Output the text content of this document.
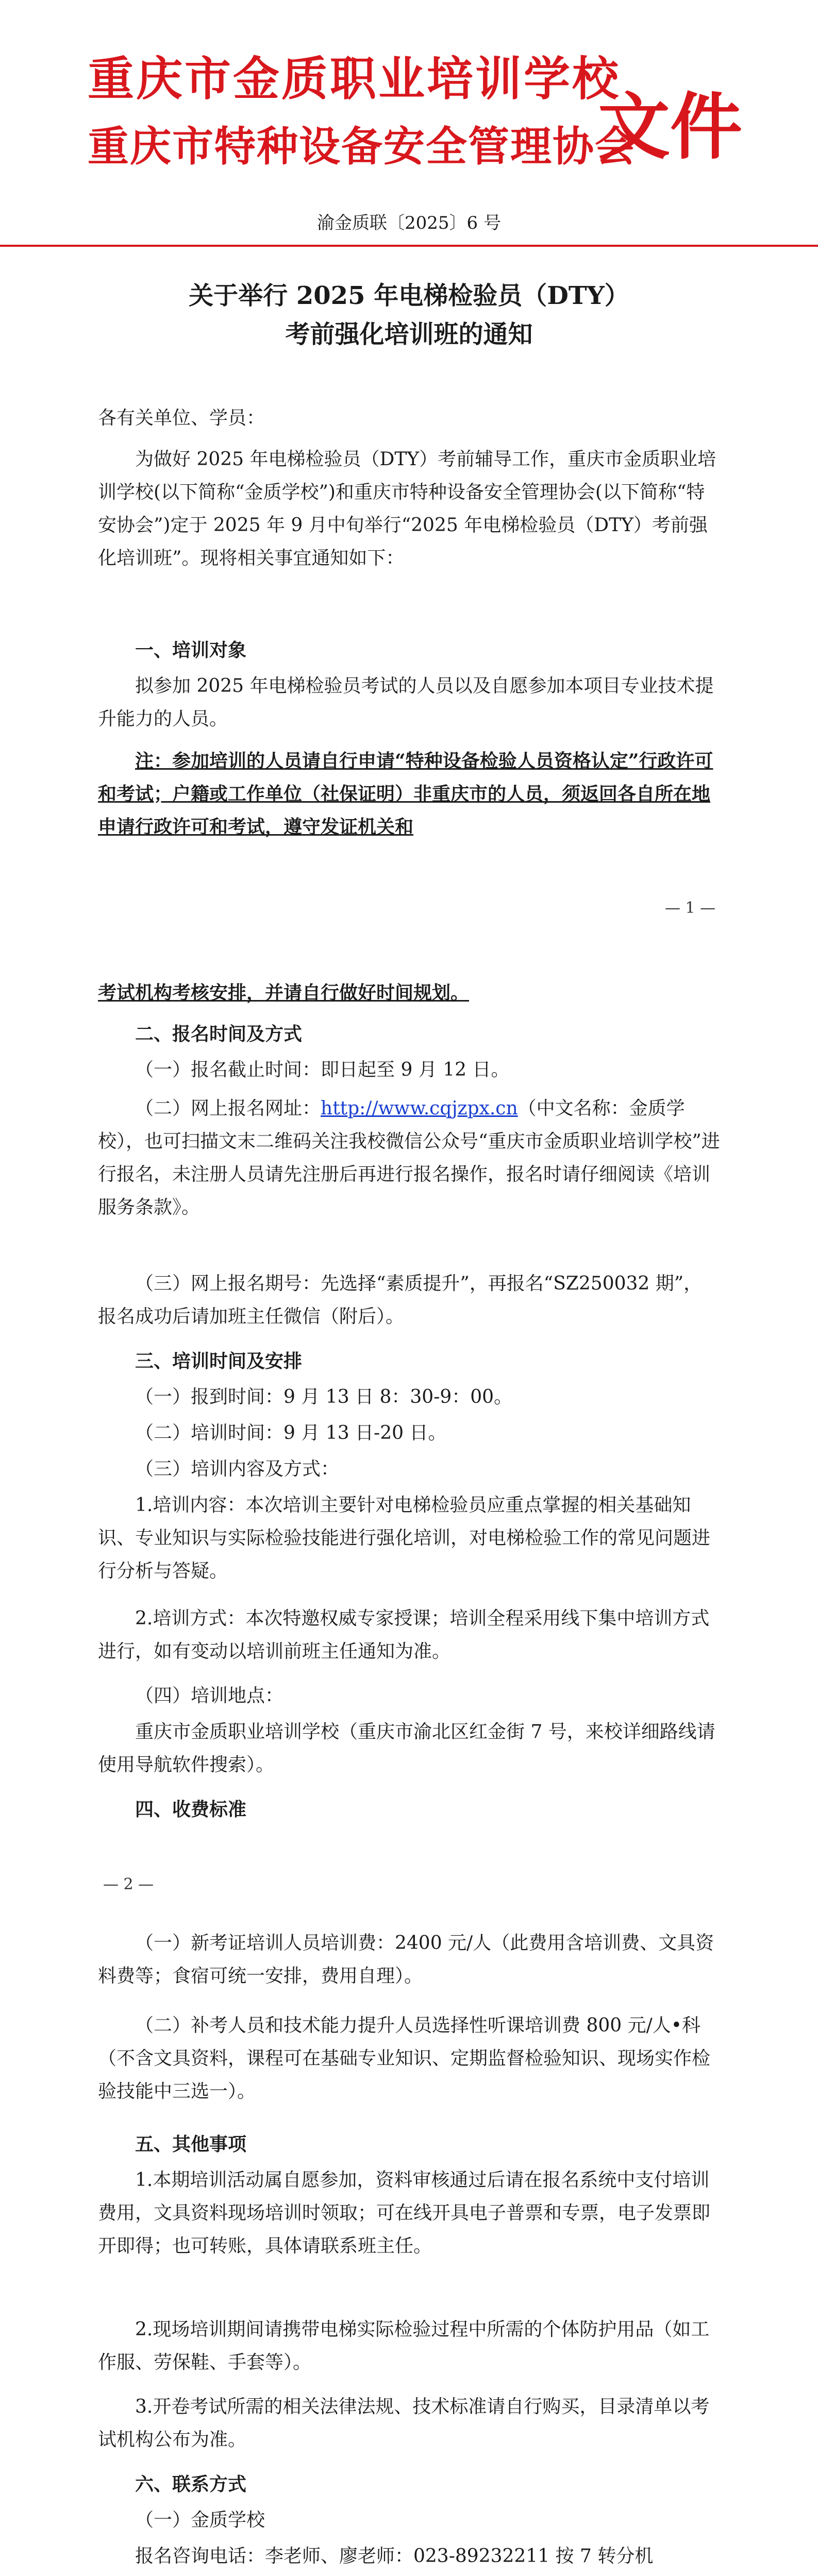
重庆市金质职业培训学校
重庆市特种设备安全管理协会
文件
渝金质联〔2025〕6 号
关于举行 2025 年电梯检验员（DTY）
考前强化培训班的通知
各有关单位、学员：
为做好 2025 年电梯检验员（DTY）考前辅导工作，重庆市金质职业培训学校(以下简称“金质学校”)和重庆市特种设备安全管理协会(以下简称“特安协会”)定于 2025 年 9 月中旬举行“2025 年电梯检验员（DTY）考前强化培训班”。现将相关事宜通知如下：
一、培训对象
拟参加 2025 年电梯检验员考试的人员以及自愿参加本项目专业技术提升能力的人员。
注：参加培训的人员请自行申请“特种设备检验人员资格认定”行政许可和考试；户籍或工作单位（社保证明）非重庆市的人员，须返回各自所在地申请行政许可和考试，遵守发证机关和
— 1 —
考试机构考核安排，并请自行做好时间规划。
二、报名时间及方式
（一）报名截止时间：即日起至 9 月 12 日。
（二）网上报名网址：http://www.cqjzpx.cn（中文名称：金质学校），也可扫描文末二维码关注我校微信公众号“重庆市金质职业培训学校”进行报名，未注册人员请先注册后再进行报名操作，报名时请仔细阅读《培训服务条款》。
（三）网上报名期号：先选择“素质提升”，再报名“SZ250032 期”，报名成功后请加班主任微信（附后）。
三、培训时间及安排
（一）报到时间：9 月 13 日 8：30-9：00。
（二）培训时间：9 月 13 日-20 日。
（三）培训内容及方式：
1.培训内容：本次培训主要针对电梯检验员应重点掌握的相关基础知识、专业知识与实际检验技能进行强化培训，对电梯检验工作的常见问题进行分析与答疑。
2.培训方式：本次特邀权威专家授课；培训全程采用线下集中培训方式进行，如有变动以培训前班主任通知为准。
（四）培训地点：
重庆市金质职业培训学校（重庆市渝北区红金街 7 号，来校详细路线请使用导航软件搜索）。
四、收费标准
— 2 —
（一）新考证培训人员培训费：2400 元/人（此费用含培训费、文具资料费等；食宿可统一安排，费用自理）。
（二）补考人员和技术能力提升人员选择性听课培训费 800 元/人•科（不含文具资料，课程可在基础专业知识、定期监督检验知识、现场实作检验技能中三选一）。
五、其他事项
1.本期培训活动属自愿参加，资料审核通过后请在报名系统中支付培训费用，文具资料现场培训时领取；可在线开具电子普票和专票，电子发票即开即得；也可转账，具体请联系班主任。
2.现场培训期间请携带电梯实际检验过程中所需的个体防护用品（如工作服、劳保鞋、手套等）。
3.开卷考试所需的相关法律法规、技术标准请自行购买，目录清单以考试机构公布为准。
六、联系方式
（一）金质学校
报名咨询电话：李老师、廖老师：023-89232211 按 7 转分机
